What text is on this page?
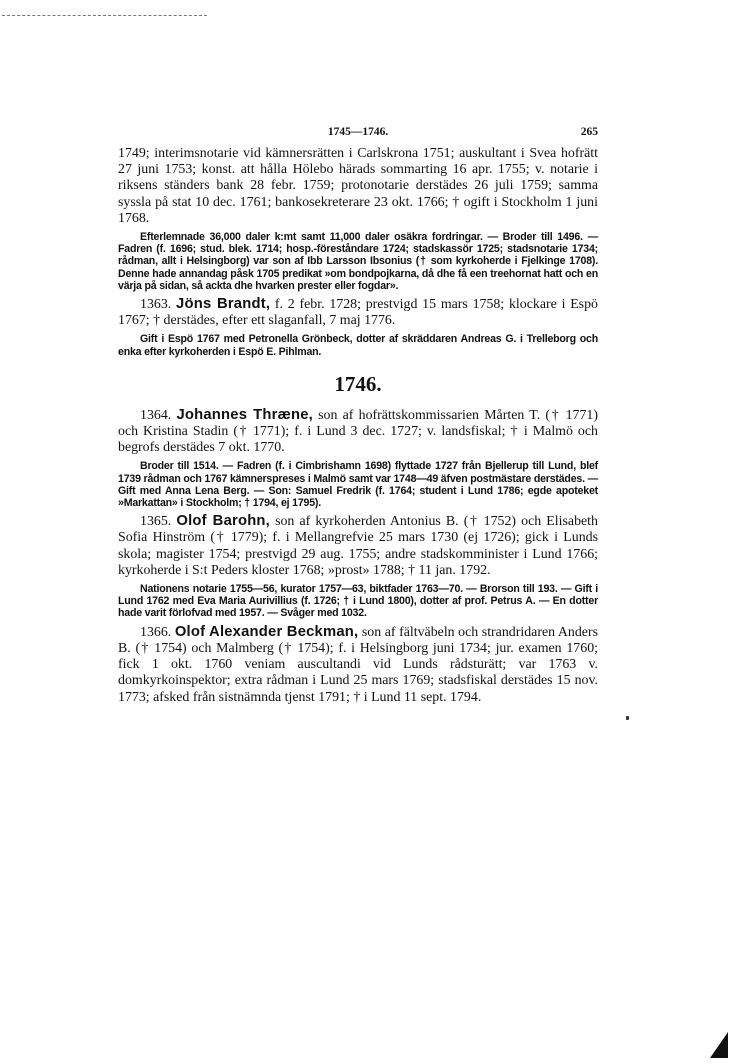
1745—1746.	265

1749; interimsnotarie vid kämnersrätten i Carlskrona 1751; auskultant i Svea hofrätt 27 juni 1753; konst. att hålla Hölebo härads sommarting 16 apr. 1755; v. notarie i riksens ständers bank 28 febr. 1759; protonotarie derstädes 26 juli 1759; samma syssla på stat 10 dec. 1761; bankosekreterare 23 okt. 1766; † ogift i Stockholm 1 juni 1768.

Efterlemnade 36,000 daler k:mt samt 11,000 daler osäkra fordringar. — Broder till 1496. — Fadren (f. 1696; stud. blek. 1714; hosp.-föreståndare 1724; stadskassör 1725; stadsnotarie 1734; rådman, allt i Helsingborg) var son af Ibb Larsson Ibsonius († som kyrkoherde i Fjelkinge 1708). Denne hade annandag påsk 1705 predikat »om bondpojkarna, då dhe få een treehornat hatt och en värja på sidan, så ackta dhe hvarken prester eller fogdar».

1363. Jöns Brandt, f. 2 febr. 1728; prestvigd 15 mars 1758; klockare i Espö 1767; † derstädes, efter ett slaganfall, 7 maj 1776.

Gift i Espö 1767 med Petronella Grönbeck, dotter af skräddaren Andreas G. i Trelleborg och enka efter kyrkoherden i Espö E. Pihlman.

1746.

1364. Johannes Thræne, son af hofrättskommissarien Mårten T. († 1771) och Kristina Stadin († 1771); f. i Lund 3 dec. 1727; v. landsfiskal; † i Malmö och begrofs derstädes 7 okt. 1770.

Broder till 1514. — Fadren (f. i Cimbrishamn 1698) flyttade 1727 från Bjellerup till Lund, blef 1739 rådman och 1767 kämnerspreses i Malmö samt var 1748—49 äfven postmästare derstädes. — Gift med Anna Lena Berg. — Son: Samuel Fredrik (f. 1764; student i Lund 1786; egde apoteket »Markattan» i Stockholm; † 1794, ej 1795).

1365. Olof Barohn, son af kyrkoherden Antonius B. († 1752) och Elisabeth Sofia Hinström († 1779); f. i Mellangrefvie 25 mars 1730 (ej 1726); gick i Lunds skola; magister 1754; prestvigd 29 aug. 1755; andre stadskomminister i Lund 1766; kyrkoherde i S:t Peders kloster 1768; »prost» 1788; † 11 jan. 1792.

Nationens notarie 1755—56, kurator 1757—63, biktfader 1763—70. — Brorson till 193. — Gift i Lund 1762 med Eva Maria Aurivillius (f. 1726; † i Lund 1800), dotter af prof. Petrus A. — En dotter hade varit förlofvad med 1957. — Svåger med 1032.

1366. Olof Alexander Beckman, son af fältväbeln och strandridaren Anders B. († 1754) och Malmberg († 1754); f. i Helsingborg juni 1734; jur. examen 1760; fick 1 okt. 1760 veniam auscultandi vid Lunds rådsturätt; var 1763 v. domkyrkoinspektor; extra rådman i Lund 25 mars 1769; stadsfiskal derstädes 15 nov. 1773; afsked från sistnämnda tjenst 1791; † i Lund 11 sept. 1794.
